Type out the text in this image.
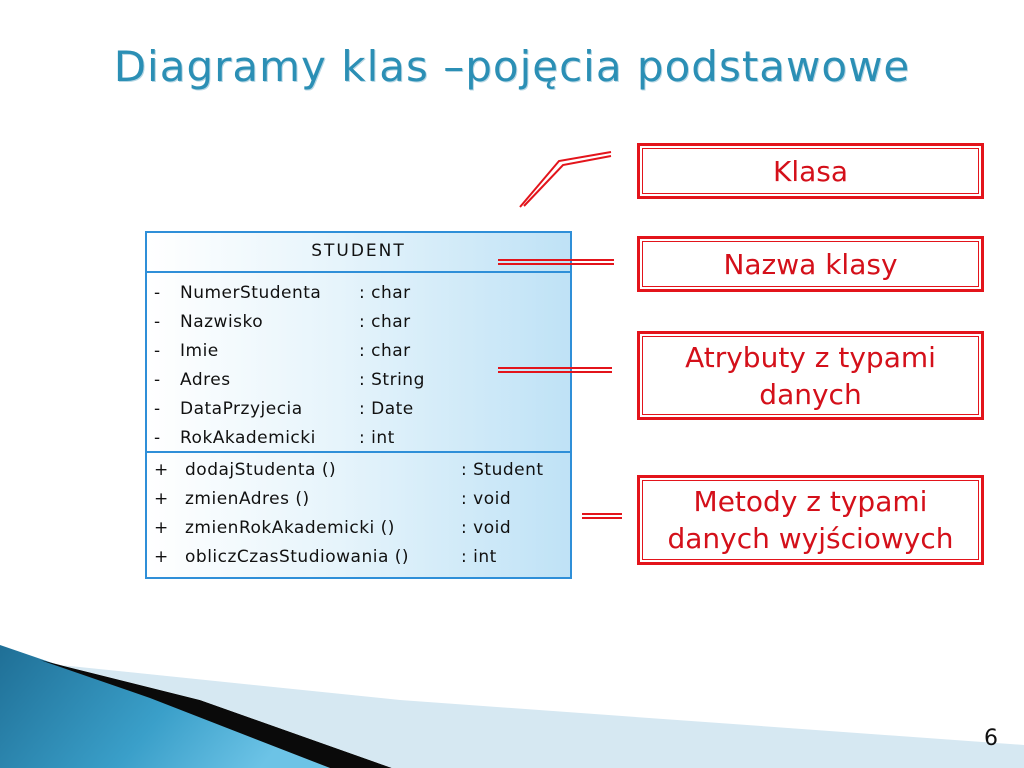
Diagramy klas –pojęcia podstawowe
STUDENT
- NumerStudenta : char
- Nazwisko	: char
- Imie	: char
- Adres	: String
- DataPrzyjecia	: Date
- RokAkademicki	: int
+ dodajStudenta ()	: Student
+ zmienAdres ()	: void
+ zmienRokAkademicki ()	: void
+ obliczCzasStudiowania ()	: int
Klasa
Nazwa klasy
Atrybuty z typami
danych
Metody z typami
danych wyjściowych
6
